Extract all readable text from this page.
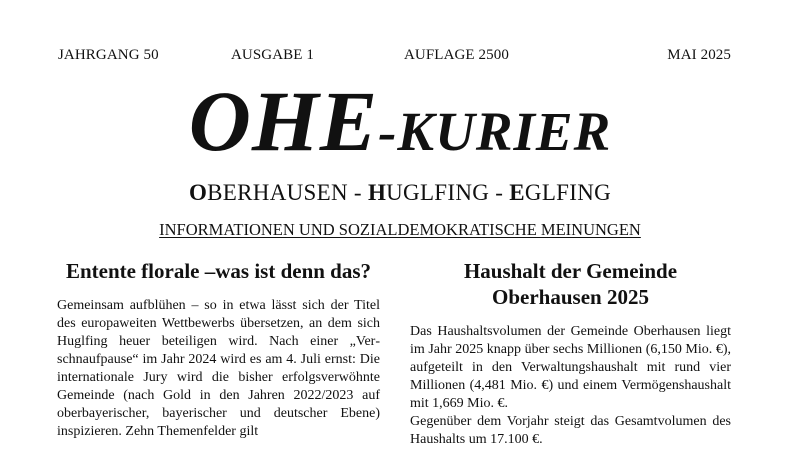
JAHRGANG 50	AUSGABE 1	AUFLAGE 2500	MAI 2025
OHE-KURIER
OBERHAUSEN - HUGLFING - EGLFING
INFORMATIONEN UND SOZIALDEMOKRATISCHE MEINUNGEN
Entente florale –was ist denn das?

Gemeinsam aufblühen – so in etwa lässt sich der Titel des europaweiten Wettbewerbs übersetzen, an dem sich Huglfing heuer beteiligen wird. Nach einer „Verschnaufpause“ im Jahr 2024 wird es am 4. Juli ernst: Die internationale Jury wird die bisher erfolgsverwöhnte Gemeinde (nach Gold in den Jahren 2022/2023 auf oberbayerischer, bayerischer und deutscher Ebene) inspizieren. Zehn Themenfelder gilt

Haushalt der Gemeinde Oberhausen 2025

Das Haushaltsvolumen der Gemeinde Oberhausen liegt im Jahr 2025 knapp über sechs Millionen (6,150 Mio. €), aufgeteilt in den Verwaltungshaushalt mit rund vier Millionen (4,481 Mio. €) und einem Vermögenshaushalt mit 1,669 Mio. €.

Gegenüber dem Vorjahr steigt das Gesamtvolumen des Haushalts um 17.100 €.
